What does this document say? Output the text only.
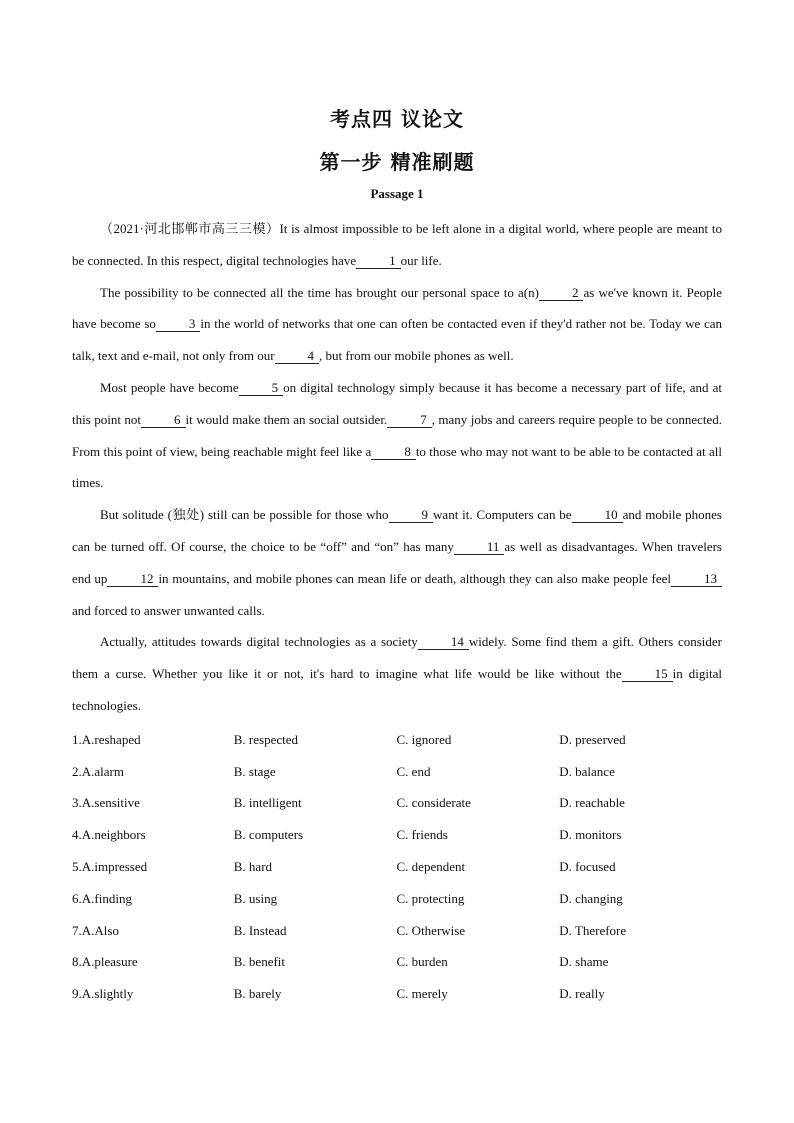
考点四 议论文
第一步 精准刷题
Passage 1

（2021·河北邯郸市高三三模）It is almost impossible to be left alone in a digital world, where people are meant to be connected. In this respect, digital technologies have	1 our life.

The possibility to be connected all the time has brought our personal space to a(n)	2 as we've known it. People have become so	3 in the world of networks that one can often be contacted even if they'd rather not be. Today we can talk, text and e-mail, not only from our	4 , but from our mobile phones as well.

Most people have become	5 on digital technology simply because it has become a necessary part of life, and at this point not	6 it would make them an social outsider.	7 , many jobs and careers require people to be connected. From this point of view, being reachable might feel like a	8 to those who may not want to be able to be contacted at all times.

But solitude (独处) still can be possible for those who	9 want it. Computers can be	10 and mobile phones can be turned off. Of course, the choice to be “off” and “on” has many	11 as well as disadvantages. When travelers end up	12 in mountains, and mobile phones can mean life or death, although they can also make people feel	13and forced to answer unwanted calls.

Actually, attitudes towards digital technologies as a society	14 widely. Some find them a gift. Others consider them a curse. Whether you like it or not, it's hard to imagine what life would be like without the	15 in digital technologies.

1.A.reshaped	B. respected	C. ignored	D. preserved
2.A.alarm	B. stage	C. end	D. balance
3.A.sensitive	B. intelligent	C. considerate	D. reachable
4.A.neighbors	B. computers	C. friends	D. monitors
5.A.impressed	B. hard	C. dependent	D. focused
6.A.finding	B. using	C. protecting	D. changing
7.A.Also	B. Instead	C. Otherwise	D. Therefore
8.A.pleasure	B. benefit	C. burden	D. shame
9.A.slightly	B. barely	C. merely	D. really
